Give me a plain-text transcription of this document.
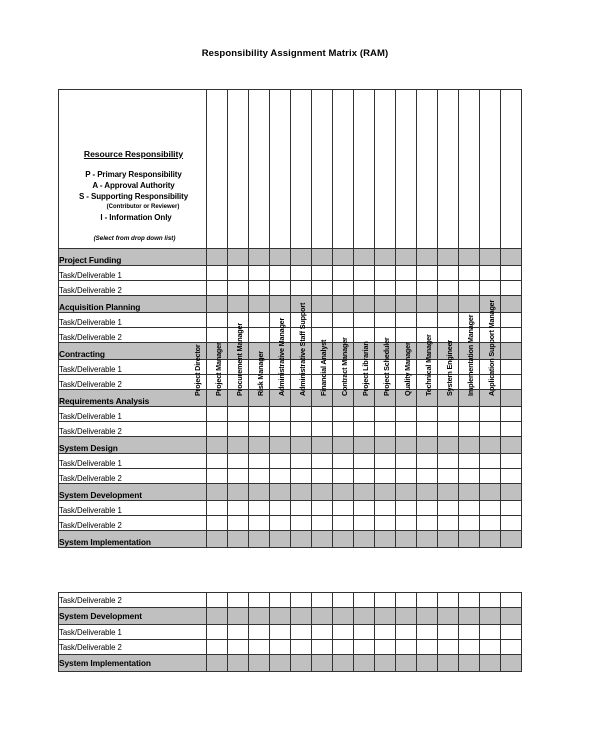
Responsibility Assignment Matrix (RAM)
Resource Responsibility
P - Primary Responsibility
A - Approval Authority
S - Supporting Responsibility
(Contributor or Reviewer)
I - Information Only
(Select from drop down list)

Project Director	Project Manager	Procurement Manager	Risk Manager	Administrative Manager	Administrative Staff Support	Financial Analyst	Contract Manager	Project Librarian	Project Scheduler	Quality Manager	Technical Manager	System Engineer	Implementation Manager	Application Support Manager

Project Funding															
Task/Deliverable 1															
Task/Deliverable 2															
Acquisition Planning															
Task/Deliverable 1															
Task/Deliverable 2															
Contracting															
Task/Deliverable 1															
Task/Deliverable 2															
Requirements Analysis															
Task/Deliverable 1															
Task/Deliverable 2															
System Design															
Task/Deliverable 1															
Task/Deliverable 2															
System Development															
Task/Deliverable 1															
Task/Deliverable 2															
System Implementation															
Task/Deliverable 2															
System Development															
Task/Deliverable 1															
Task/Deliverable 2															
System Implementation															
